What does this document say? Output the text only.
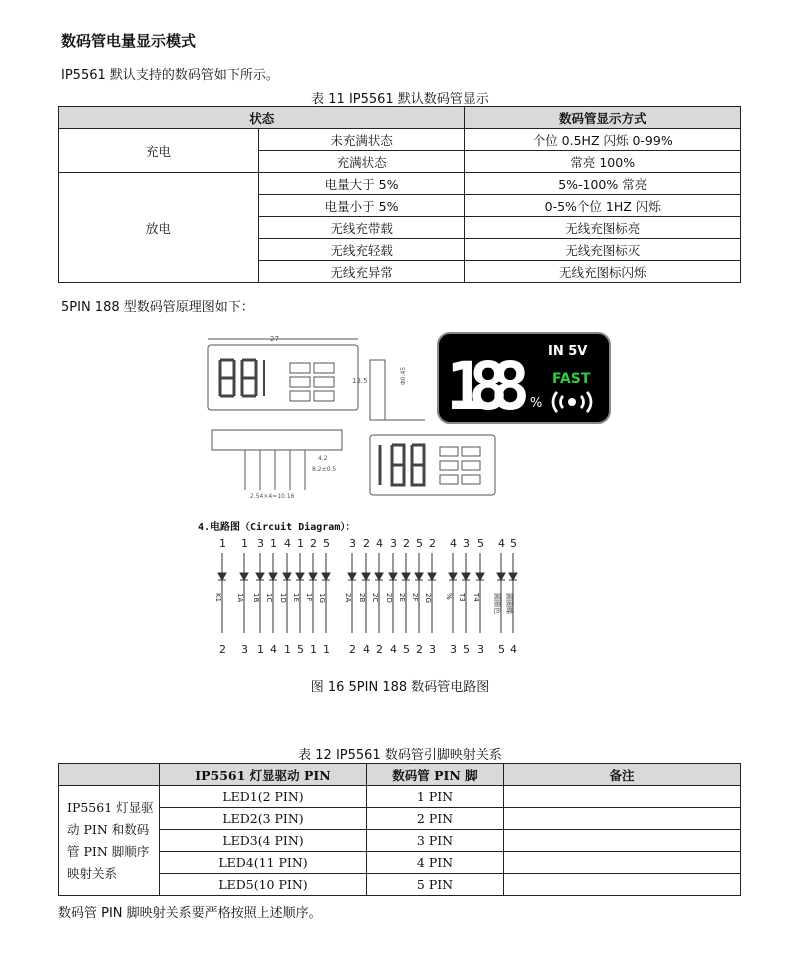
数码管电量显示模式
IP5561 默认支持的数码管如下所示。
表 11 IP5561 默认数码管显示
状态		数码管显示方式
充电	未充满状态	个位 0.5HZ 闪烁 0-99%
	充满状态	常亮 100%
放电	电量大于 5%	5%-100% 常亮
	电量小于 5%	0-5%个位 1HZ 闪烁
	无线充带载	无线充图标亮
	无线充轻载	无线充图标灭
	无线充异常	无线充图标闪烁
5PIN 188 型数码管原理图如下：
27
13.5	Φ0.45
2.54×4=10.16
4.2
8.2±0.5
188 %
IN 5V
FAST
4.电路图（Circuit Diagram）：
1
2
K1
1
3
1A
3
1
1B
1
4
1C
4
1
1D
1
5
1E
2
1
1F
5
1
1G
3
2
2A
2
4
2B
4
2
2C
3
4
2D
2
5
2E
5
2
2F
2
3
2G
4
3
%
3
5
T3
5
3
T4
4
5
圆圈色
5
4
圆圈蝶
图 16 5PIN 188 数码管电路图
表 12 IP5561 数码管引脚映射关系
	IP5561 灯显驱动 PIN	数码管 PIN 脚	备注
IP5561 灯显驱动 PIN 和数码管 PIN 脚顺序映射关系	LED1(2 PIN)	1 PIN	
	LED2(3 PIN)	2 PIN	
	LED3(4 PIN)	3 PIN	
	LED4(11 PIN)	4 PIN	
	LED5(10 PIN)	5 PIN	
数码管 PIN 脚映射关系要严格按照上述顺序。
